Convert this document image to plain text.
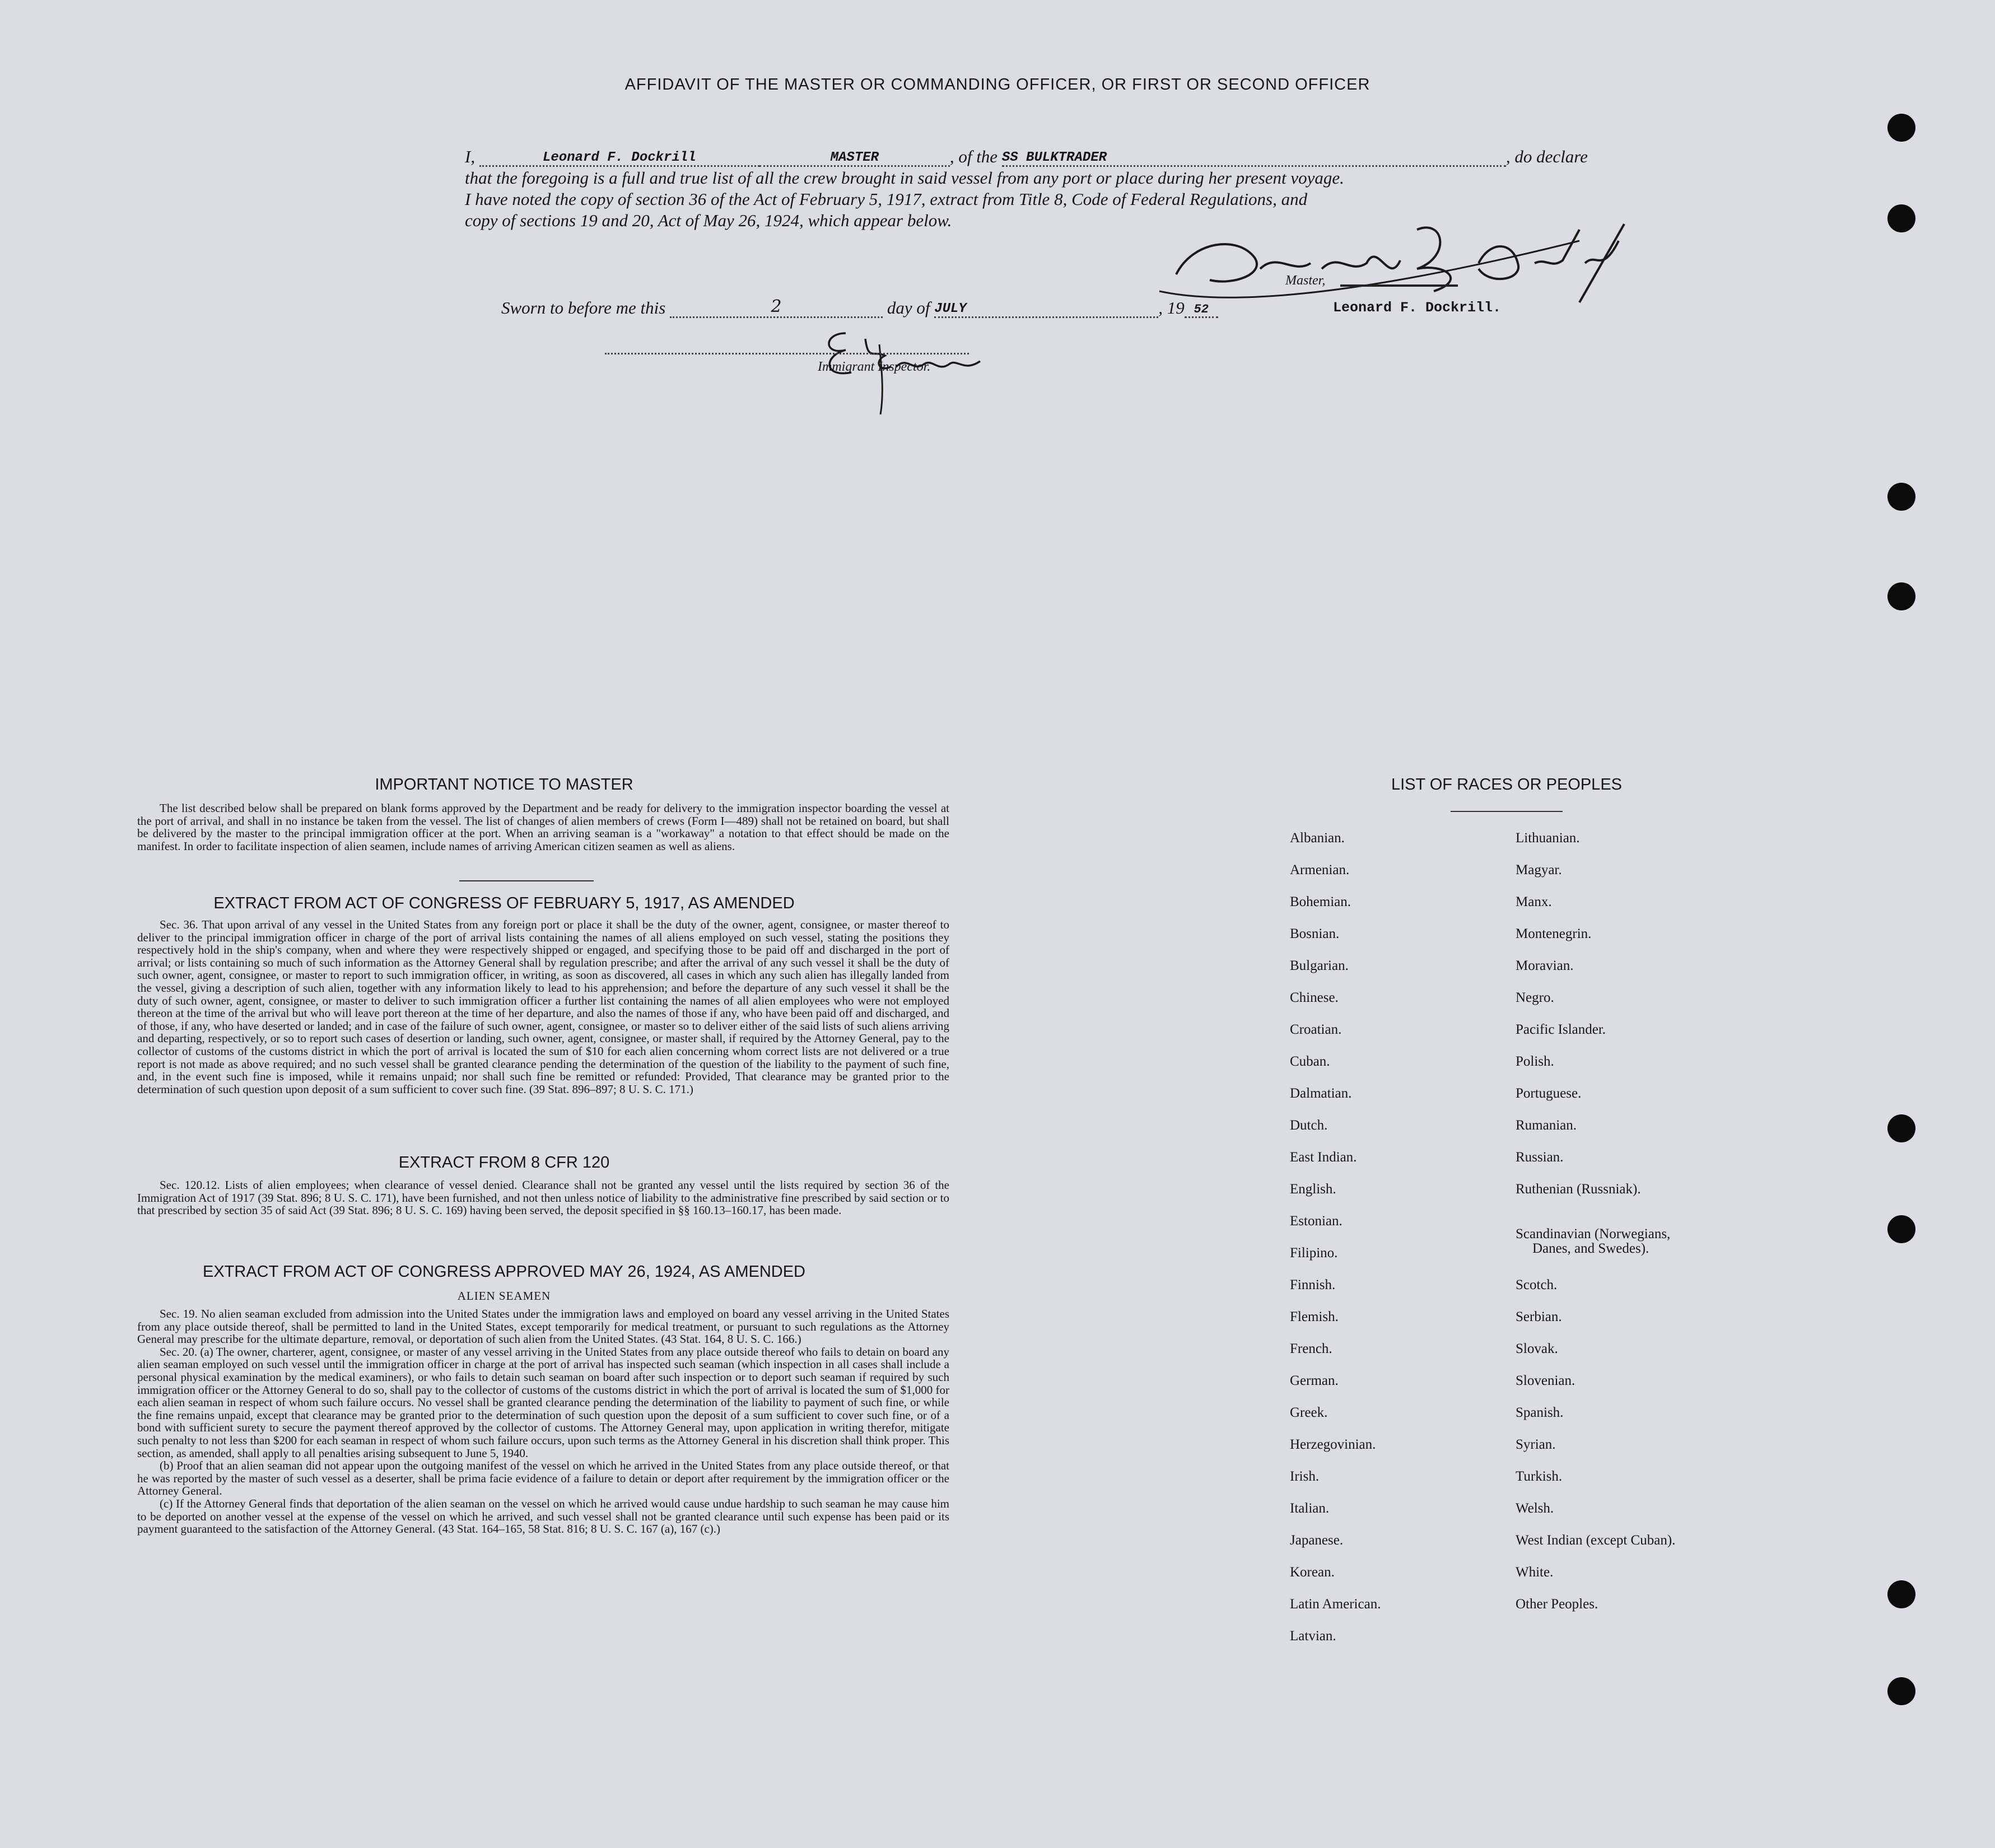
AFFIDAVIT OF THE MASTER OR COMMANDING OFFICER, OR FIRST OR SECOND OFFICER
I,	Leonard F. Dockrill	MASTER	, of the SS BULKTRADER	, do declare
that the foregoing is a full and true list of all the crew brought in said vessel from any port or place during her present voyage.
I have noted the copy of section 36 of the Act of February 5, 1917, extract from Title 8, Code of Federal Regulations, and
copy of sections 19 and 20, Act of May 26, 1924, which appear below.
Master,
Sworn to before me this	2	day of JULY	, 19 52	Leonard F. Dockrill.
Immigrant Inspector.
IMPORTANT NOTICE TO MASTER

The list described below shall be prepared on blank forms approved by the Department and be ready for delivery to the immigration inspector boarding the vessel at the port of arrival, and shall in no instance be taken from the vessel. The list of changes of alien members of crews (Form I—489) shall not be retained on board, but shall be delivered by the master to the principal immigration officer at the port. When an arriving seaman is a "workaway" a notation to that effect should be made on the manifest. In order to facilitate inspection of alien seamen, include names of arriving American citizen seamen as well as aliens.

EXTRACT FROM ACT OF CONGRESS OF FEBRUARY 5, 1917, AS AMENDED

Sec. 36. That upon arrival of any vessel in the United States from any foreign port or place it shall be the duty of the owner, agent, consignee, or master thereof to deliver to the principal immigration officer in charge of the port of arrival lists containing the names of all aliens employed on such vessel, stating the positions they respectively hold in the ship's company, when and where they were respectively shipped or engaged, and specifying those to be paid off and discharged in the port of arrival; or lists containing so much of such information as the Attorney General shall by regulation prescribe; and after the arrival of any such vessel it shall be the duty of such owner, agent, consignee, or master to report to such immigration officer, in writing, as soon as discovered, all cases in which any such alien has illegally landed from the vessel, giving a description of such alien, together with any information likely to lead to his apprehension; and before the departure of any such vessel it shall be the duty of such owner, agent, consignee, or master to deliver to such immigration officer a further list containing the names of all alien employees who were not employed thereon at the time of the arrival but who will leave port thereon at the time of her departure, and also the names of those if any, who have been paid off and discharged, and of those, if any, who have deserted or landed; and in case of the failure of such owner, agent, consignee, or master so to deliver either of the said lists of such aliens arriving and departing, respectively, or so to report such cases of desertion or landing, such owner, agent, consignee, or master shall, if required by the Attorney General, pay to the collector of customs of the customs district in which the port of arrival is located the sum of $10 for each alien concerning whom correct lists are not delivered or a true report is not made as above required; and no such vessel shall be granted clearance pending the determination of the question of the liability to the payment of such fine, and, in the event such fine is imposed, while it remains unpaid; nor shall such fine be remitted or refunded: Provided, That clearance may be granted prior to the determination of such question upon deposit of a sum sufficient to cover such fine. (39 Stat. 896–897; 8 U. S. C. 171.)

EXTRACT FROM 8 CFR 120

Sec. 120.12. Lists of alien employees; when clearance of vessel denied. Clearance shall not be granted any vessel until the lists required by section 36 of the Immigration Act of 1917 (39 Stat. 896; 8 U. S. C. 171), have been furnished, and not then unless notice of liability to the administrative fine prescribed by said section or to that prescribed by section 35 of said Act (39 Stat. 896; 8 U. S. C. 169) having been served, the deposit specified in §§ 160.13–160.17, has been made.

EXTRACT FROM ACT OF CONGRESS APPROVED MAY 26, 1924, AS AMENDED
ALIEN SEAMEN

Sec. 19. No alien seaman excluded from admission into the United States under the immigration laws and employed on board any vessel arriving in the United States from any place outside thereof, shall be permitted to land in the United States, except temporarily for medical treatment, or pursuant to such regulations as the Attorney General may prescribe for the ultimate departure, removal, or deportation of such alien from the United States. (43 Stat. 164, 8 U. S. C. 166.)

Sec. 20. (a) The owner, charterer, agent, consignee, or master of any vessel arriving in the United States from any place outside thereof who fails to detain on board any alien seaman employed on such vessel until the immigration officer in charge at the port of arrival has inspected such seaman (which inspection in all cases shall include a personal physical examination by the medical examiners), or who fails to detain such seaman on board after such inspection or to deport such seaman if required by such immigration officer or the Attorney General to do so, shall pay to the collector of customs of the customs district in which the port of arrival is located the sum of $1,000 for each alien seaman in respect of whom such failure occurs. No vessel shall be granted clearance pending the determination of the liability to payment of such fine, or while the fine remains unpaid, except that clearance may be granted prior to the determination of such question upon the deposit of a sum sufficient to cover such fine, or of a bond with sufficient surety to secure the payment thereof approved by the collector of customs. The Attorney General may, upon application in writing therefor, mitigate such penalty to not less than $200 for each seaman in respect of whom such failure occurs, upon such terms as the Attorney General in his discretion shall think proper. This section, as amended, shall apply to all penalties arising subsequent to June 5, 1940.

(b) Proof that an alien seaman did not appear upon the outgoing manifest of the vessel on which he arrived in the United States from any place outside thereof, or that he was reported by the master of such vessel as a deserter, shall be prima facie evidence of a failure to detain or deport after requirement by the immigration officer or the Attorney General.

(c) If the Attorney General finds that deportation of the alien seaman on the vessel on which he arrived would cause undue hardship to such seaman he may cause him to be deported on another vessel at the expense of the vessel on which he arrived, and such vessel shall not be granted clearance until such expense has been paid or its payment guaranteed to the satisfaction of the Attorney General. (43 Stat. 164–165, 58 Stat. 816; 8 U. S. C. 167 (a), 167 (c).)

LIST OF RACES OR PEOPLES
Albanian.
Armenian.
Bohemian.
Bosnian.
Bulgarian.
Chinese.
Croatian.
Cuban.
Dalmatian.
Dutch.
East Indian.
English.
Estonian.
Filipino.
Finnish.
Flemish.
French.
German.
Greek.
Herzegovinian.
Irish.
Italian.
Japanese.
Korean.
Latin American.
Latvian.
Lithuanian.
Magyar.
Manx.
Montenegrin.
Moravian.
Negro.
Pacific Islander.
Polish.
Portuguese.
Rumanian.
Russian.
Ruthenian (Russniak).
Scandinavian (Norwegians,
Danes, and Swedes).
Scotch.
Serbian.
Slovak.
Slovenian.
Spanish.
Syrian.
Turkish.
Welsh.
West Indian (except Cuban).
White.
Other Peoples.
